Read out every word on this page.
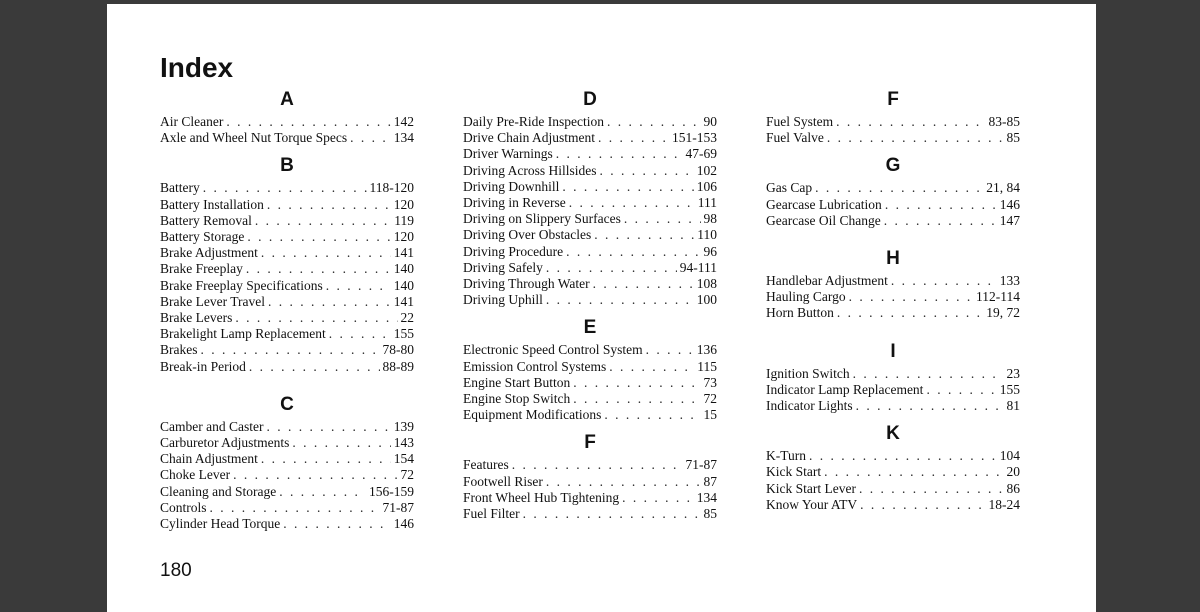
Index
A
Air Cleaner . . .	142
Axle and Wheel Nut Torque Specs . . .	134
B
Battery . . .	118-120
Battery Installation . . .	120
Battery Removal . . .	119
Battery Storage . . .	120
Brake Adjustment . . .	141
Brake Freeplay . . .	140
Brake Freeplay Specifications . . .	140
Brake Lever Travel . . .	141
Brake Levers . . .	22
Brakelight Lamp Replacement . . .	155
Brakes . . .	78-80
Break-in Period . . .	88-89
C
Camber and Caster . . .	139
Carburetor Adjustments . . .	143
Chain Adjustment . . .	154
Choke Lever . . .	72
Cleaning and Storage . . .	156-159
Controls . . .	71-87
Cylinder Head Torque . . .	146
D
Daily Pre-Ride Inspection . . .	90
Drive Chain Adjustment . . .	151-153
Driver Warnings . . .	47-69
Driving Across Hillsides . . .	102
Driving Downhill . . .	106
Driving in Reverse . . .	111
Driving on Slippery Surfaces . . .	98
Driving Over Obstacles . . .	110
Driving Procedure . . .	96
Driving Safely . . .	94-111
Driving Through Water . . .	108
Driving Uphill . . .	100
E
Electronic Speed Control System . . .	136
Emission Control Systems . . .	115
Engine Start Button . . .	73
Engine Stop Switch . . .	72
Equipment Modifications . . .	15
F
Features . . .	71-87
Footwell Riser . . .	87
Front Wheel Hub Tightening . . .	134
Fuel Filter . . .	85
F
Fuel System . . .	83-85
Fuel Valve . . .	85
G
Gas Cap . . .	21, 84
Gearcase Lubrication . . .	146
Gearcase Oil Change . . .	147
H
Handlebar Adjustment . . .	133
Hauling Cargo . . .	112-114
Horn Button . . .	19, 72
I
Ignition Switch . . .	23
Indicator Lamp Replacement . . .	155
Indicator Lights . . .	81
K
K-Turn . . .	104
Kick Start . . .	20
Kick Start Lever . . .	86
Know Your ATV . . .	18-24
180
